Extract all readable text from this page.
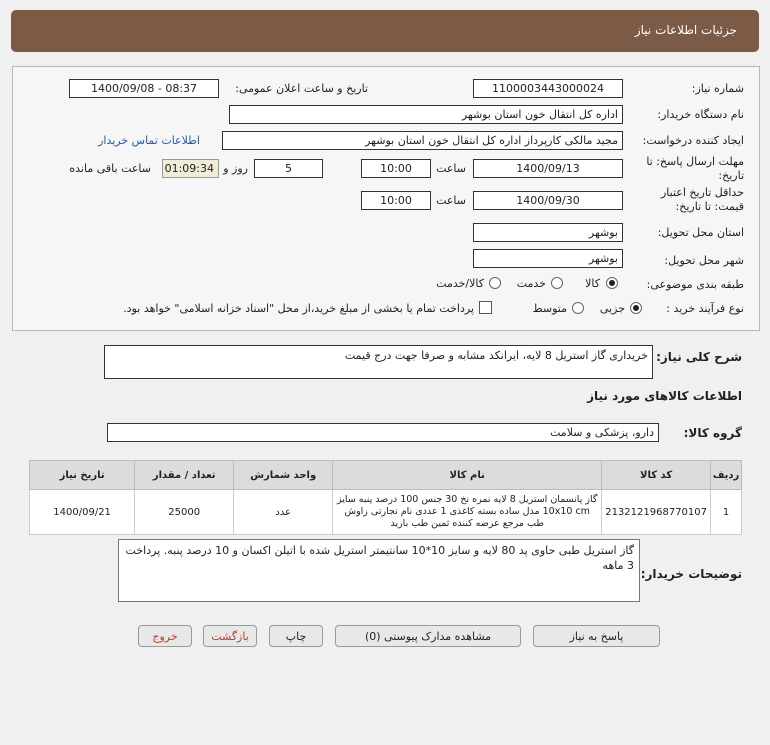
جزئیات اطلاعات نیاز
شماره نیاز:
1100003443000024
تاریخ و ساعت اعلان عمومی:
1400/09/08 - 08:37
نام دستگاه خریدار:
اداره کل انتقال خون استان بوشهر
ایجاد کننده درخواست:
مجید مالکی کارپرداز اداره کل انتقال خون استان بوشهر
اطلاعات تماس خریدار
مهلت ارسال پاسخ: تا تاریخ:
1400/09/13
ساعت
10:00
5
روز و
01:09:34
ساعت باقی مانده
حداقل تاریخ اعتبار قیمت: تا تاریخ:
1400/09/30
ساعت
10:00
استان محل تحویل:
بوشهر
شهر محل تحویل:
بوشهر
طبقه بندی موضوعی:
کالا
خدمت
کالا/خدمت
نوع فرآیند خرید :
جزیی
متوسط
پرداخت تمام یا بخشی از مبلغ خرید،از محل "اسناد خزانه اسلامی" خواهد بود.
شرح کلی نیاز:
خریداری گاز استریل 8 لایه، ایرانکد مشابه و صرفا جهت درج قیمت
اطلاعات کالاهای مورد نیاز
گروه کالا:
دارو، پزشکی و سلامت
ردیف	کد کالا	نام کالا	واحد شمارش	تعداد / مقدار	تاریخ نیاز
1	2132121968770107	گاز پانسمان استریل 8 لایه نمره نخ 30 جنس 100 درصد پنبه سایز 10x10 cm مدل ساده بسته کاغذی 1 عددی نام تجارتی زاوش طب مرجع عرضه کننده ثمین طب بارید	عدد	25000	1400/09/21
توضیحات خریدار:
گاز استریل طبی حاوی پد 80 لایه و سایز 10*10 سانتیمتر استریل شده با اتیلن اکسان و 10 درصد پنبه. پرداخت 3 ماهه
پاسخ به نیاز
مشاهده مدارک پیوستی (0)
چاپ
بازگشت
خروج
